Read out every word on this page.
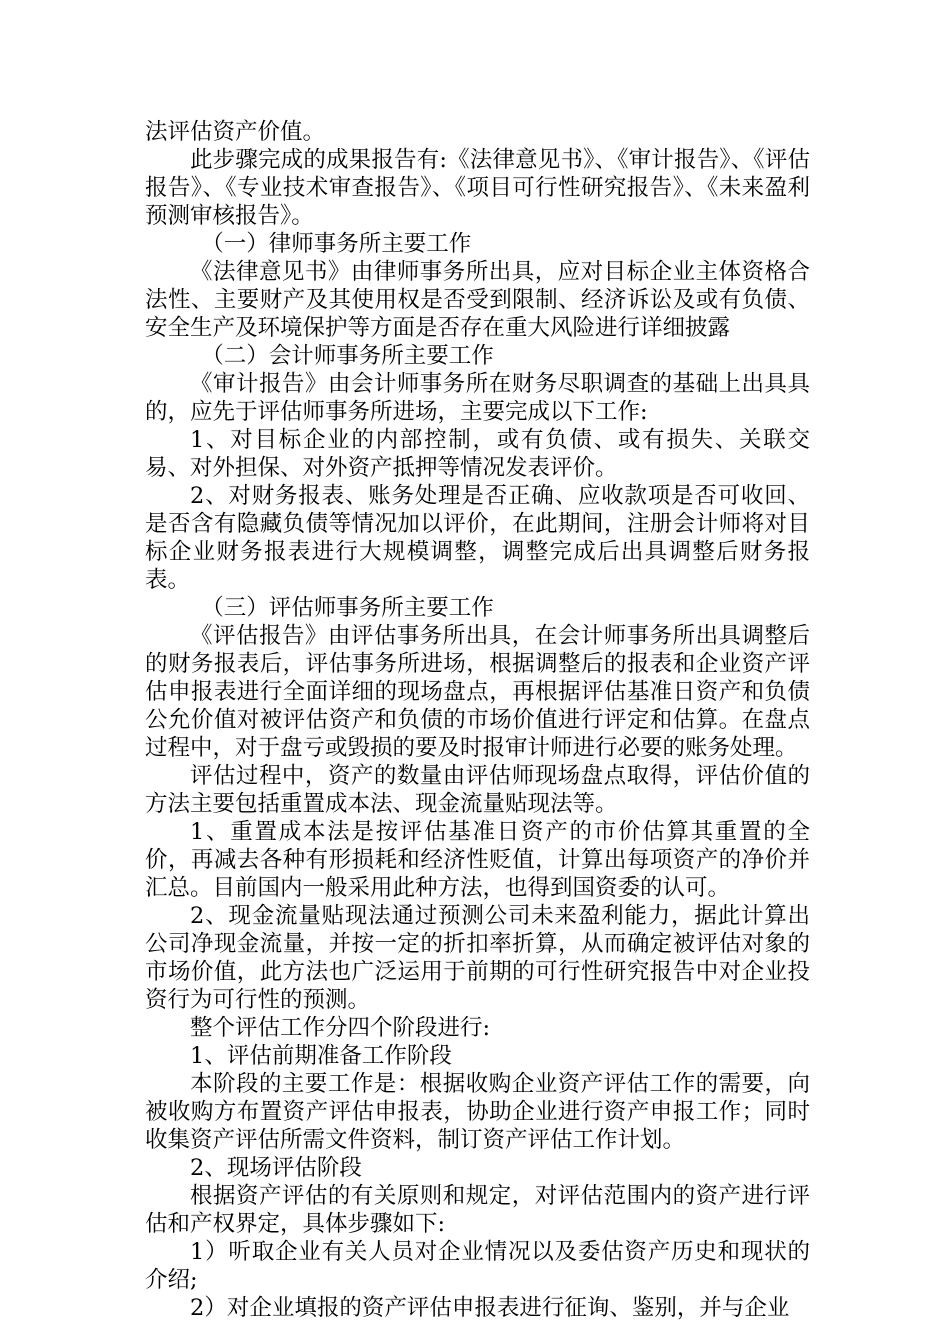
法评估资产价值。

此步骤完成的成果报告有:《法律意见书》、《审计报告》、《评估报告》、《专业技术审查报告》、《项目可行性研究报告》、《未来盈利预测审核报告》。

（一）律师事务所主要工作

《法律意见书》由律师事务所出具，应对目标企业主体资格合法性、主要财产及其使用权是否受到限制、经济诉讼及或有负债、安全生产及环境保护等方面是否存在重大风险进行详细披露

（二）会计师事务所主要工作

《审计报告》由会计师事务所在财务尽职调查的基础上出具具的，应先于评估师事务所进场，主要完成以下工作:

1、对目标企业的内部控制，或有负债、或有损失、关联交易、对外担保、对外资产抵押等情况发表评价。

2、对财务报表、账务处理是否正确、应收款项是否可收回、是否含有隐藏负债等情况加以评价，在此期间，注册会计师将对目标企业财务报表进行大规模调整，调整完成后出具调整后财务报表。

（三）评估师事务所主要工作

《评估报告》由评估事务所出具，在会计师事务所出具调整后的财务报表后，评估事务所进场，根据调整后的报表和企业资产评估申报表进行全面详细的现场盘点，再根据评估基准日资产和负债公允价值对被评估资产和负债的市场价值进行评定和估算。在盘点过程中，对于盘亏或毁损的要及时报审计师进行必要的账务处理。

评估过程中，资产的数量由评估师现场盘点取得，评估价值的方法主要包括重置成本法、现金流量贴现法等。

1、重置成本法是按评估基准日资产的市价估算其重置的全价，再减去各种有形损耗和经济性贬值，计算出每项资产的净价并汇总。目前国内一般采用此种方法，也得到国资委的认可。

2、现金流量贴现法通过预测公司未来盈利能力，据此计算出公司净现金流量，并按一定的折扣率折算，从而确定被评估对象的市场价值，此方法也广泛运用于前期的可行性研究报告中对企业投资行为可行性的预测。

整个评估工作分四个阶段进行:

1、评估前期准备工作阶段

本阶段的主要工作是：根据收购企业资产评估工作的需要，向被收购方布置资产评估申报表，协助企业进行资产申报工作；同时收集资产评估所需文件资料，制订资产评估工作计划。

2、现场评估阶段

根据资产评估的有关原则和规定，对评估范围内的资产进行评估和产权界定，具体步骤如下:

1）听取企业有关人员对企业情况以及委估资产历史和现状的介绍;

2）对企业填报的资产评估申报表进行征询、鉴别，并与企业
